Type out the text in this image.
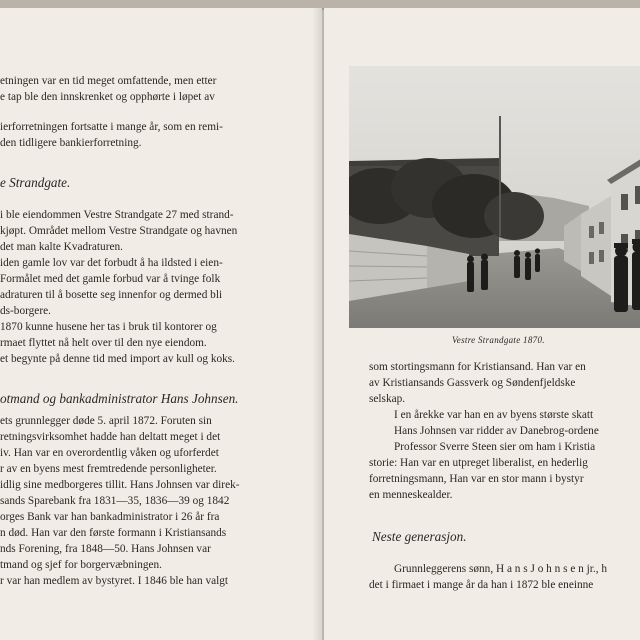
etningen var en tid meget omfattende, men etter
e tap ble den innskrenket og opphørte i løpet av
ierforretningen fortsatte i mange år, som en remi-
den tidligere bankierforretning.
e Strandgate.
i ble eiendommen Vestre Strandgate 27 med strand-
kjøpt. Området mellom Vestre Strandgate og havnen
det man kalte Kvadraturen.
iden gamle lov var det forbudt å ha ildsted i eien-
Formålet med det gamle forbud var å tvinge folk
adraturen til å bosette seg innenfor og dermed bli
ds-borgere.
1870 kunne husene her tas i bruk til kontorer og
rmaet flyttet nå helt over til den nye eiendom.
et begynte på denne tid med import av kull og koks.
otmand og bankadministrator Hans Johnsen.
ets grunnlegger døde 5. april 1872. Foruten sin
retningsvirksomhet hadde han deltatt meget i det
iv. Han var en overordentlig våken og uforferdet
r av en byens mest fremtredende personligheter.
idlig sine medborgeres tillit. Hans Johnsen var direk-
sands Sparebank fra 1831—35, 1836—39 og 1842
orges Bank var han bankadministrator i 26 år fra
n død. Han var den første formann i Kristiansands
nds Forening, fra 1848—50. Hans Johnsen var
tmand og sjef for borgervæbningen.
r var han medlem av bystyret. I 1846 ble han valgt
Vestre Strandgate 1870.
som stortingsmann for Kristiansand. Han var en
av Kristiansands Gassverk og Søndenfjeldske
selskap.
I en årekke var han en av byens største skatt
Hans Johnsen var ridder av Danebrog-ordene
Professor Sverre Steen sier om ham i Kristia
storie: Han var en utpreget liberalist, en hederlig
forretningsmann, Han var en stor mann i bystyr
en menneskealder.
Neste generasjon.
Grunnleggerens sønn, H a n s J o h n s e n jr., h
det i firmaet i mange år da han i 1872 ble eneinne
